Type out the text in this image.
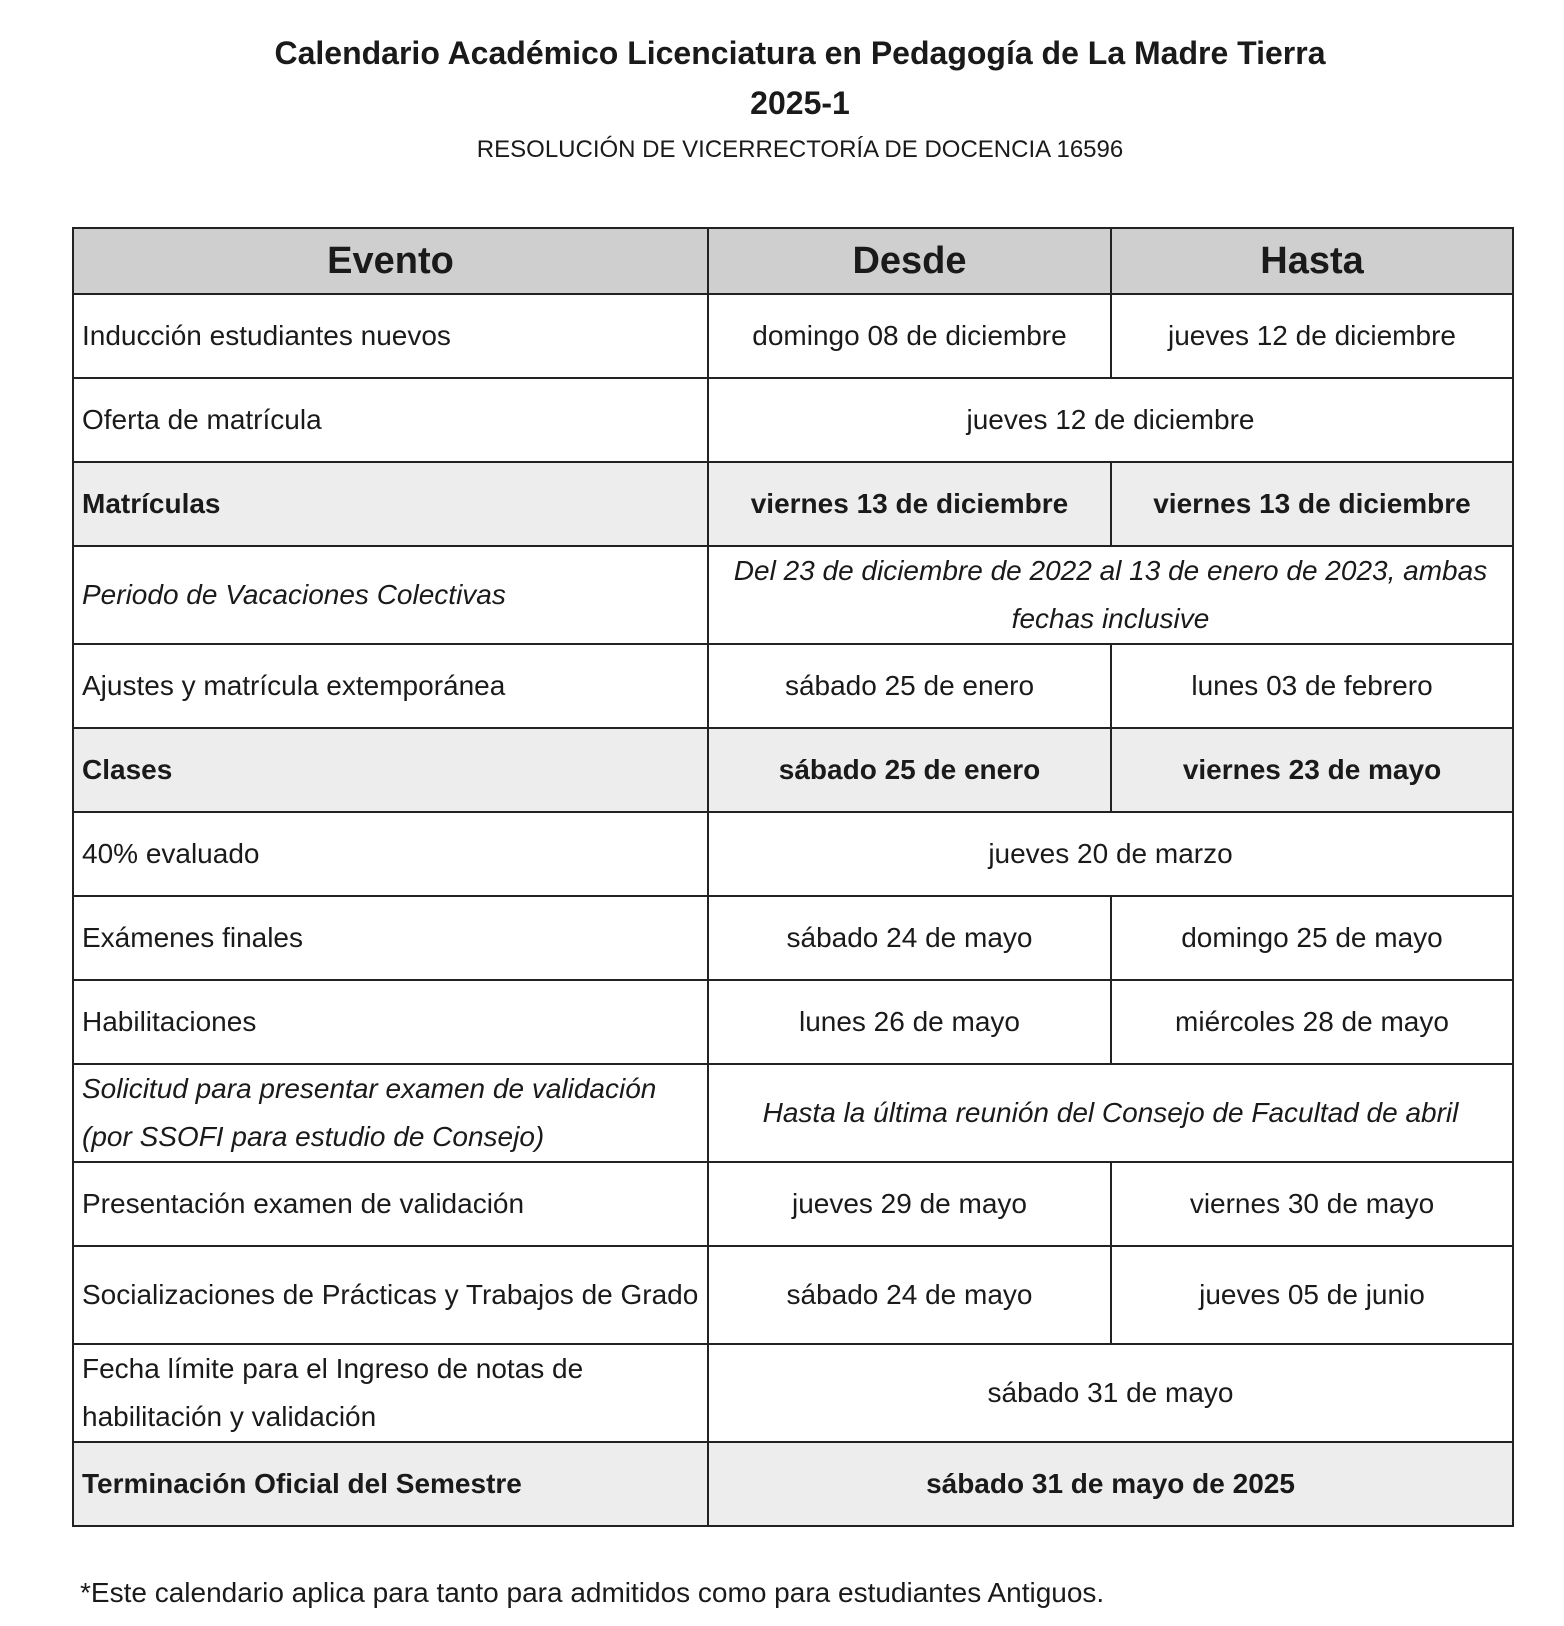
Calendario Académico Licenciatura en Pedagogía de La Madre Tierra

2025-1

RESOLUCIÓN DE VICERRECTORÍA DE DOCENCIA 16596

Evento	Desde	Hasta
Inducción estudiantes nuevos	domingo 08 de diciembre	jueves 12 de diciembre
Oferta de matrícula	jueves 12 de diciembre	
Matrículas	viernes 13 de diciembre	viernes 13 de diciembre
Periodo de Vacaciones Colectivas	Del 23 de diciembre de 2022 al 13 de enero de 2023, ambas fechas inclusive	
Ajustes y matrícula extemporánea	sábado 25 de enero	lunes 03 de febrero
Clases	sábado 25 de enero	viernes 23 de mayo
40% evaluado	jueves 20 de marzo	
Exámenes finales	sábado 24 de mayo	domingo 25 de mayo
Habilitaciones	lunes 26 de mayo	miércoles 28 de mayo
Solicitud para presentar examen de validación (por SSOFI para estudio de Consejo)	Hasta la última reunión del Consejo de Facultad de abril	
Presentación examen de validación	jueves 29 de mayo	viernes 30 de mayo
Socializaciones de Prácticas y Trabajos de Grado	sábado 24 de mayo	jueves 05 de junio
Fecha límite para el Ingreso de notas de habilitación y validación	sábado 31 de mayo	
Terminación Oficial del Semestre	sábado 31 de mayo de 2025	

*Este calendario aplica para tanto para admitidos como para estudiantes Antiguos.
